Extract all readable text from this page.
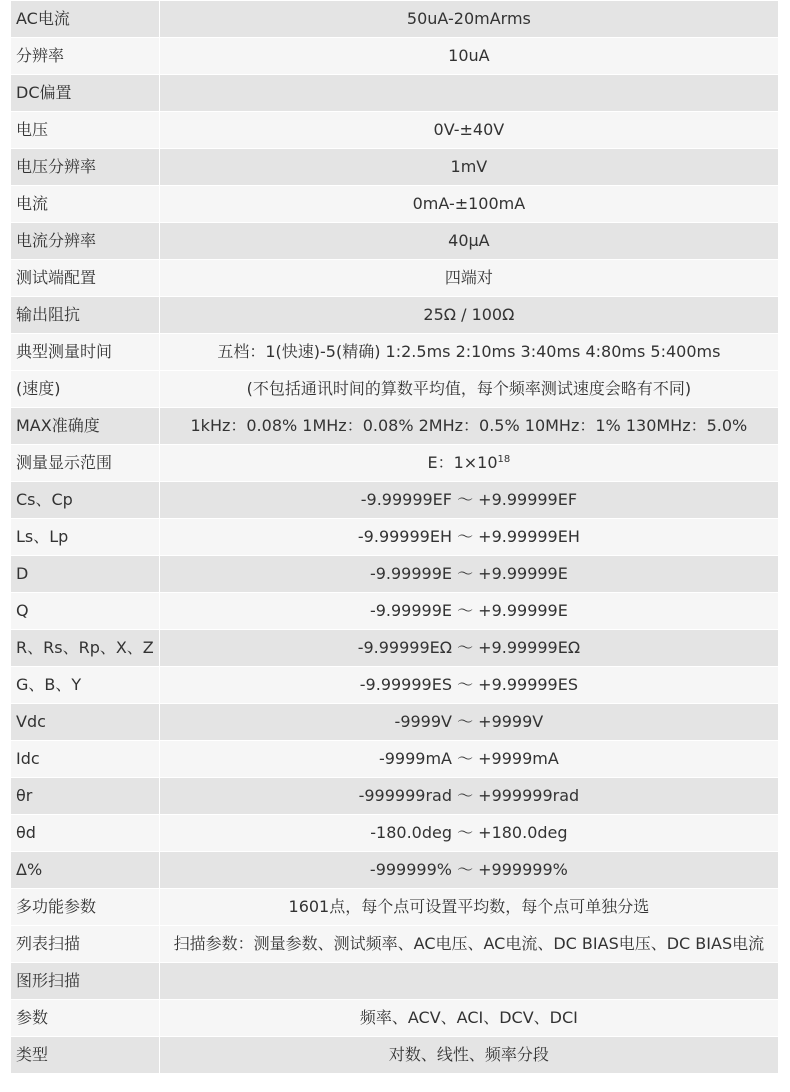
AC电流	50uA-20mArms
分辨率	10uA
DC偏置	
电压	0V-±40V
电压分辨率	1mV
电流	0mA-±100mA
电流分辨率	40μA
测试端配置	四端对
输出阻抗	25Ω / 100Ω
典型测量时间	五档：1(快速)-5(精确) 1:2.5ms 2:10ms 3:40ms 4:80ms 5:400ms
(速度)	(不包括通讯时间的算数平均值，每个频率测试速度会略有不同)
MAX准确度	1kHz：0.08% 1MHz：0.08% 2MHz：0.5% 10MHz：1% 130MHz：5.0%
测量显示范围	E：$1\times 10^{18}$
Cs、Cp	-9.99999EF ～ +9.99999EF
Ls、Lp	-9.99999EH ～ +9.99999EH
D	-9.99999E ～ +9.99999E
Q	-9.99999E ～ +9.99999E
R、Rs、Rp、X、Z	-9.99999EΩ ～ +9.99999EΩ
G、B、Y	-9.99999ES ～ +9.99999ES
Vdc	-9999V ～ +9999V
Idc	-9999mA ～ +9999mA
θr	-999999rad ～ +999999rad
θd	-180.0deg ～ +180.0deg
Δ%	-999999% ～ +999999%
多功能参数	1601点，每个点可设置平均数，每个点可单独分选
列表扫描	扫描参数：测量参数、测试频率、AC电压、AC电流、DC BIAS电压、DC BIAS电流
图形扫描	
参数	频率、ACV、ACI、DCV、DCI
类型	对数、线性、频率分段
